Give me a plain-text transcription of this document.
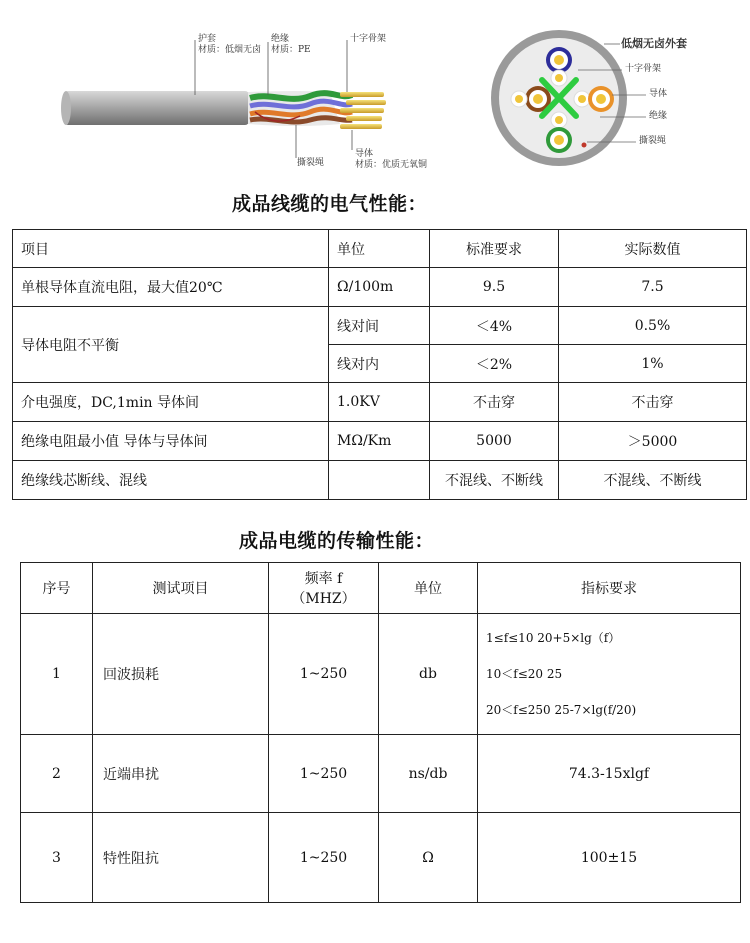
护套
材质：低烟无卤
绝缘
材质：PE
十字骨架
撕裂绳
导体
材质：优质无氧铜
低烟无卤外套
十字骨架
导体
绝缘
撕裂绳
成品线缆的电气性能：
项目	单位	标准要求	实际数值
单根导体直流电阻，最大值20℃	Ω/100m	9.5	7.5
导体电阻不平衡	线对间	＜4%	0.5%
	线对内	＜2%	1%
介电强度，DC,1min 导体间	1.0KV	不击穿	不击穿
绝缘电阻最小值 导体与导体间	MΩ/Km	5000	＞5000
绝缘线芯断线、混线		不混线、不断线	不混线、不断线
成品电缆的传输性能：
序号	测试项目	频率 f（MHZ）	单位	指标要求
1	回波损耗	1~250	db	1≤f≤10 20+5×lg（f）
10＜f≤20 25
20＜f≤250 25-7×lg(f/20)

2	近端串扰	1~250	ns/db	74.3-15xlgf
3	特性阻抗	1~250	Ω	100±15
